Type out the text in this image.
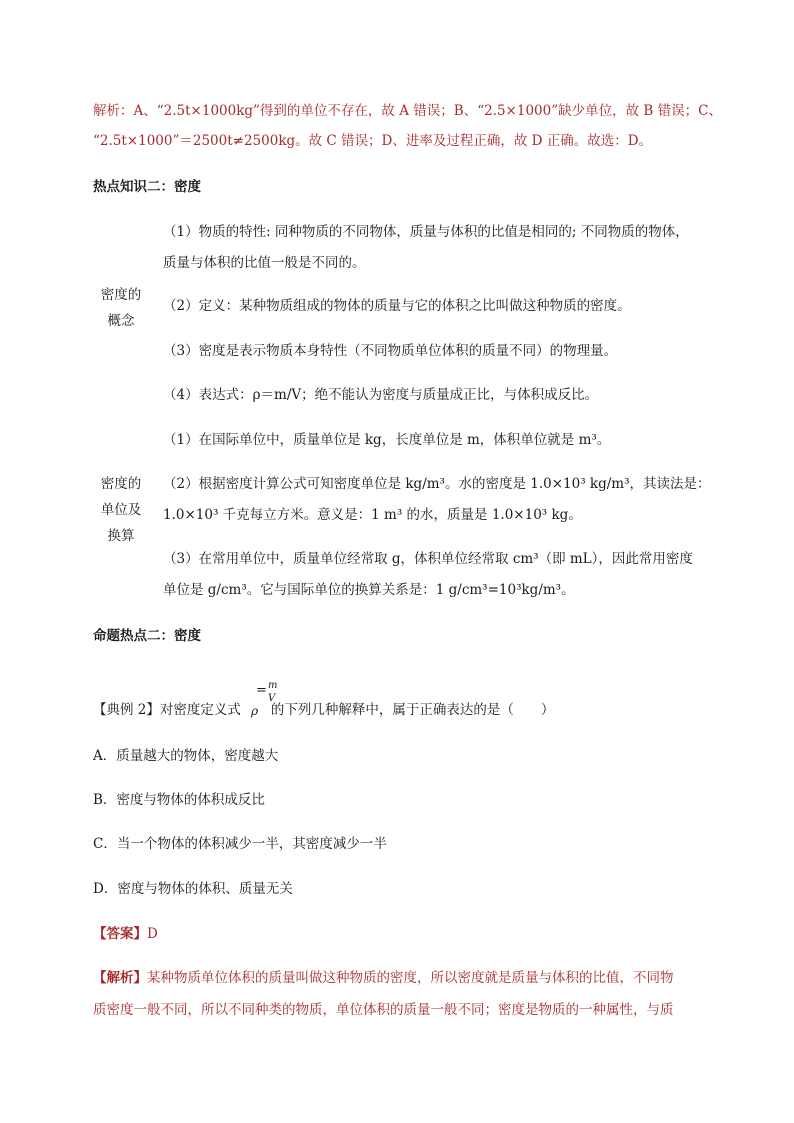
解析：A、“2.5t×1000kg”得到的单位不存在，故 A 错误；B、“2.5×1000”缺少单位，故 B 错误；C、
“2.5t×1000”＝2500t≠2500kg。故 C 错误；D、进率及过程正确，故 D 正确。故选：D。
热点知识二：密度
密度的
概念
（1）物质的特性: 同种物质的不同物体，质量与体积的比值是相同的; 不同物质的物体，
质量与体积的比值一般是不同的。
（2）定义：某种物质组成的物体的质量与它的体积之比叫做这种物质的密度。
（3）密度是表示物质本身特性（不同物质单位体积的质量不同）的物理量。
（4）表达式：ρ＝m/V；绝不能认为密度与质量成正比，与体积成反比。
密度的
单位及
换算
（1）在国际单位中，质量单位是 kg，长度单位是 m，体积单位就是 m³。
（2）根据密度计算公式可知密度单位是 kg/m³。水的密度是 1.0×10³ kg/m³，其读法是：
1.0×10³ 千克每立方米。意义是：1 m³ 的水，质量是 1.0×10³ kg。
（3）在常用单位中，质量单位经常取 g，体积单位经常取 cm³（即 mL），因此常用密度
单位是 g/cm³。它与国际单位的换算关系是：1 g/cm³=10³kg/m³。
命题热点二：密度
【典例 2】对密度定义式 的下列几种解释中，属于正确表达的是（　　）
ρ
= m
V
A．质量越大的物体，密度越大
B．密度与物体的体积成反比
C．当一个物体的体积减少一半，其密度减少一半
D．密度与物体的体积、质量无关
【答案】D
【解析】某种物质单位体积的质量叫做这种物质的密度，所以密度就是质量与体积的比值，不同物
质密度一般不同，所以不同种类的物质，单位体积的质量一般不同；密度是物质的一种属性，与质
